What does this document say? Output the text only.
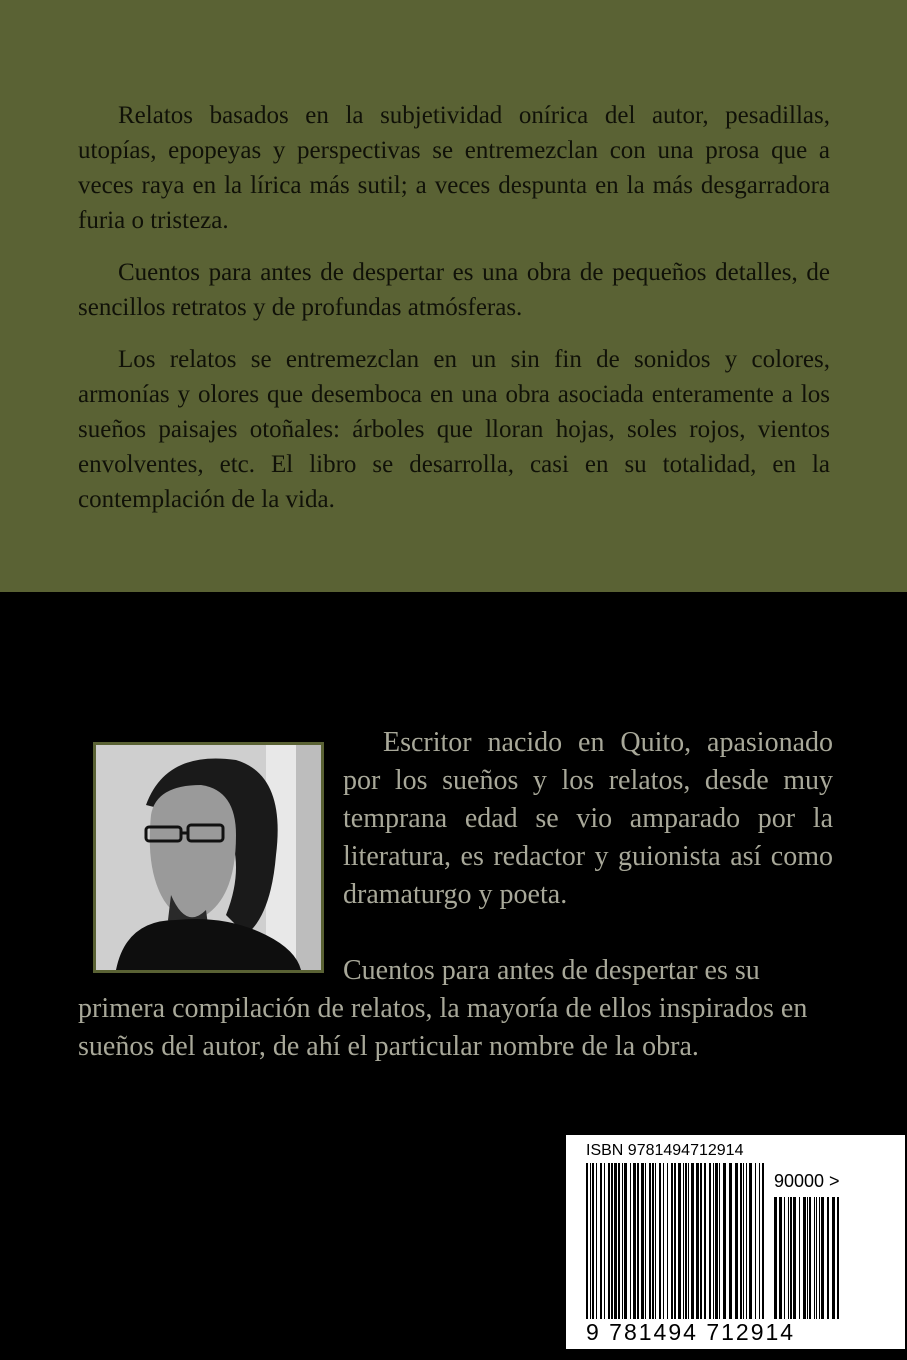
Relatos basados en la subjetividad onírica del autor, pesadillas, utopías, epopeyas y perspectivas se entremezclan con una prosa que a veces raya en la lírica más sutil; a veces despunta en la más desgarradora furia o tristeza.

Cuentos para antes de despertar es una obra de pequeños detalles, de sencillos retratos y de profundas atmósferas.

Los relatos se entremezclan en un sin fin de sonidos y colores, armonías y olores que desemboca en una obra asociada enteramente a los sueños paisajes otoñales: árboles que lloran hojas, soles rojos, vientos envolventes, etc. El libro se desarrolla, casi en su totalidad, en la contemplación de la vida.

Escritor nacido en Quito, apasionado por los sueños y los relatos, desde muy temprana edad se vio amparado por la literatura, es redactor y guionista así como dramaturgo y poeta.
Cuentos para antes de despertar es su primera compilación de relatos, la mayoría de ellos inspirados en sueños del autor, de ahí el particular nombre de la obra.
ISBN 9781494712914
90000 >
9 781494 712914
